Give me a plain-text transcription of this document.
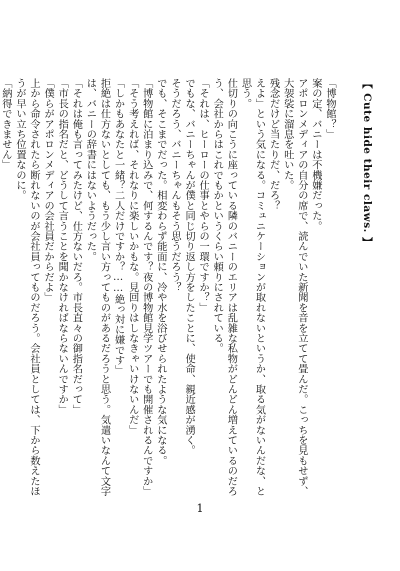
【 Cute hide their claws. 】

「博物館？」

案の定、バニーは不機嫌だった。

アポロンメディアの自分の席で、読んでいた新聞を音を立てて畳んだ。こっちを見もせず、大袈裟に溜息を吐いた。

残念だけど当たりだ、だろ？

えよ」という気になる。コミュニケーションが取れないというか、取る気がないんだな、と思う。

仕切りの向こうに座っている隣のバニーのエリアは乱雑な私物がどんどん増えているのだろう、会社からはこれでもかというくらい頼りにされている。

「それは、ヒーローの仕事とやらの一環ですか？」

でもな、バニーちゃんが僕と同じ切り返し方をしたことに、使命、親近感が湧く。

そうだろう、バニーちゃんもそう思うだろう？

でも、そこまでだった。相変わらず能面に、冷や水を浴びせられたような気になる。

「博物館に泊まり込みで、何するんです？夜の博物館見学ツアーでも開催されるんですか」

「そう考えれば、それなりに楽しいかもな。見回りはしなきゃいけないんだ」

「しかもあなたと一緒？二人だけですか？……絶っ対に嫌です」

拒絶は仕方ないとしても、もう少し言い方ってものがあるだろうと思う。気遣いなんて文字は、バニーの辞書にはないようだった。

「それは俺も言ってみたけど、仕方ないだろ。市長直々の御指名だって」

「市長の指名だと、どうして言うことを聞かなければならないんですか」

「僕らがアポロンメディアの会社員だからだよ」

上から命令されたら断れないのが会社員ってものだろう。会社員としては、下から数えたほうが早い立ち位置なのに。

「納得できません」

1
